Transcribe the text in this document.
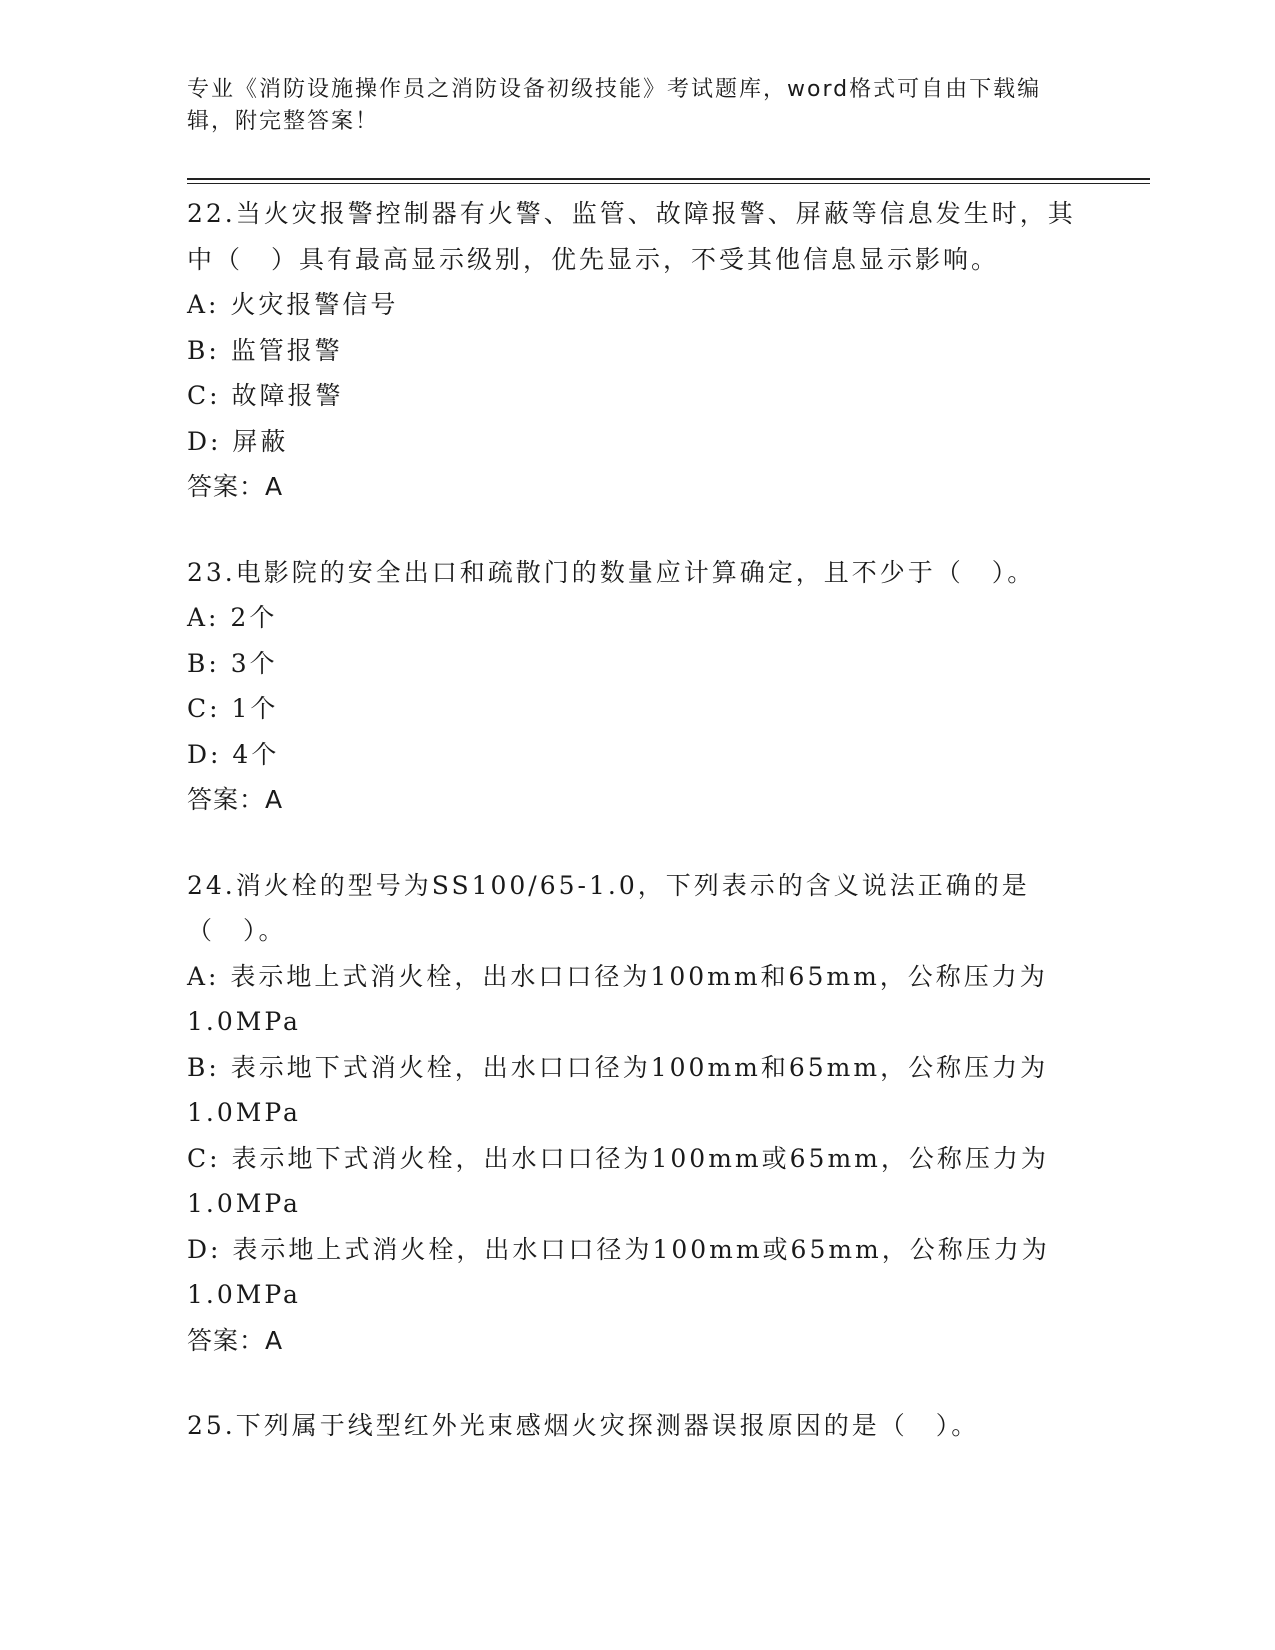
专业《消防设施操作员之消防设备初级技能》考试题库，word格式可自由下载编辑，附完整答案！
22.当火灾报警控制器有火警、监管、故障报警、屏蔽等信息发生时，其中（　）具有最高显示级别，优先显示，不受其他信息显示影响。
A: 火灾报警信号
B: 监管报警
C: 故障报警
D: 屏蔽
答案：A
23.电影院的安全出口和疏散门的数量应计算确定，且不少于（　）。
A: 2个
B: 3个
C: 1个
D: 4个
答案：A
24.消火栓的型号为SS100/65-1.0，下列表示的含义说法正确的是（　）。
A: 表示地上式消火栓，出水口口径为100mm和65mm，公称压力为1.0MPa
B: 表示地下式消火栓，出水口口径为100mm和65mm，公称压力为1.0MPa
C: 表示地下式消火栓，出水口口径为100mm或65mm，公称压力为1.0MPa
D: 表示地上式消火栓，出水口口径为100mm或65mm，公称压力为1.0MPa
答案：A
25.下列属于线型红外光束感烟火灾探测器误报原因的是（　）。
